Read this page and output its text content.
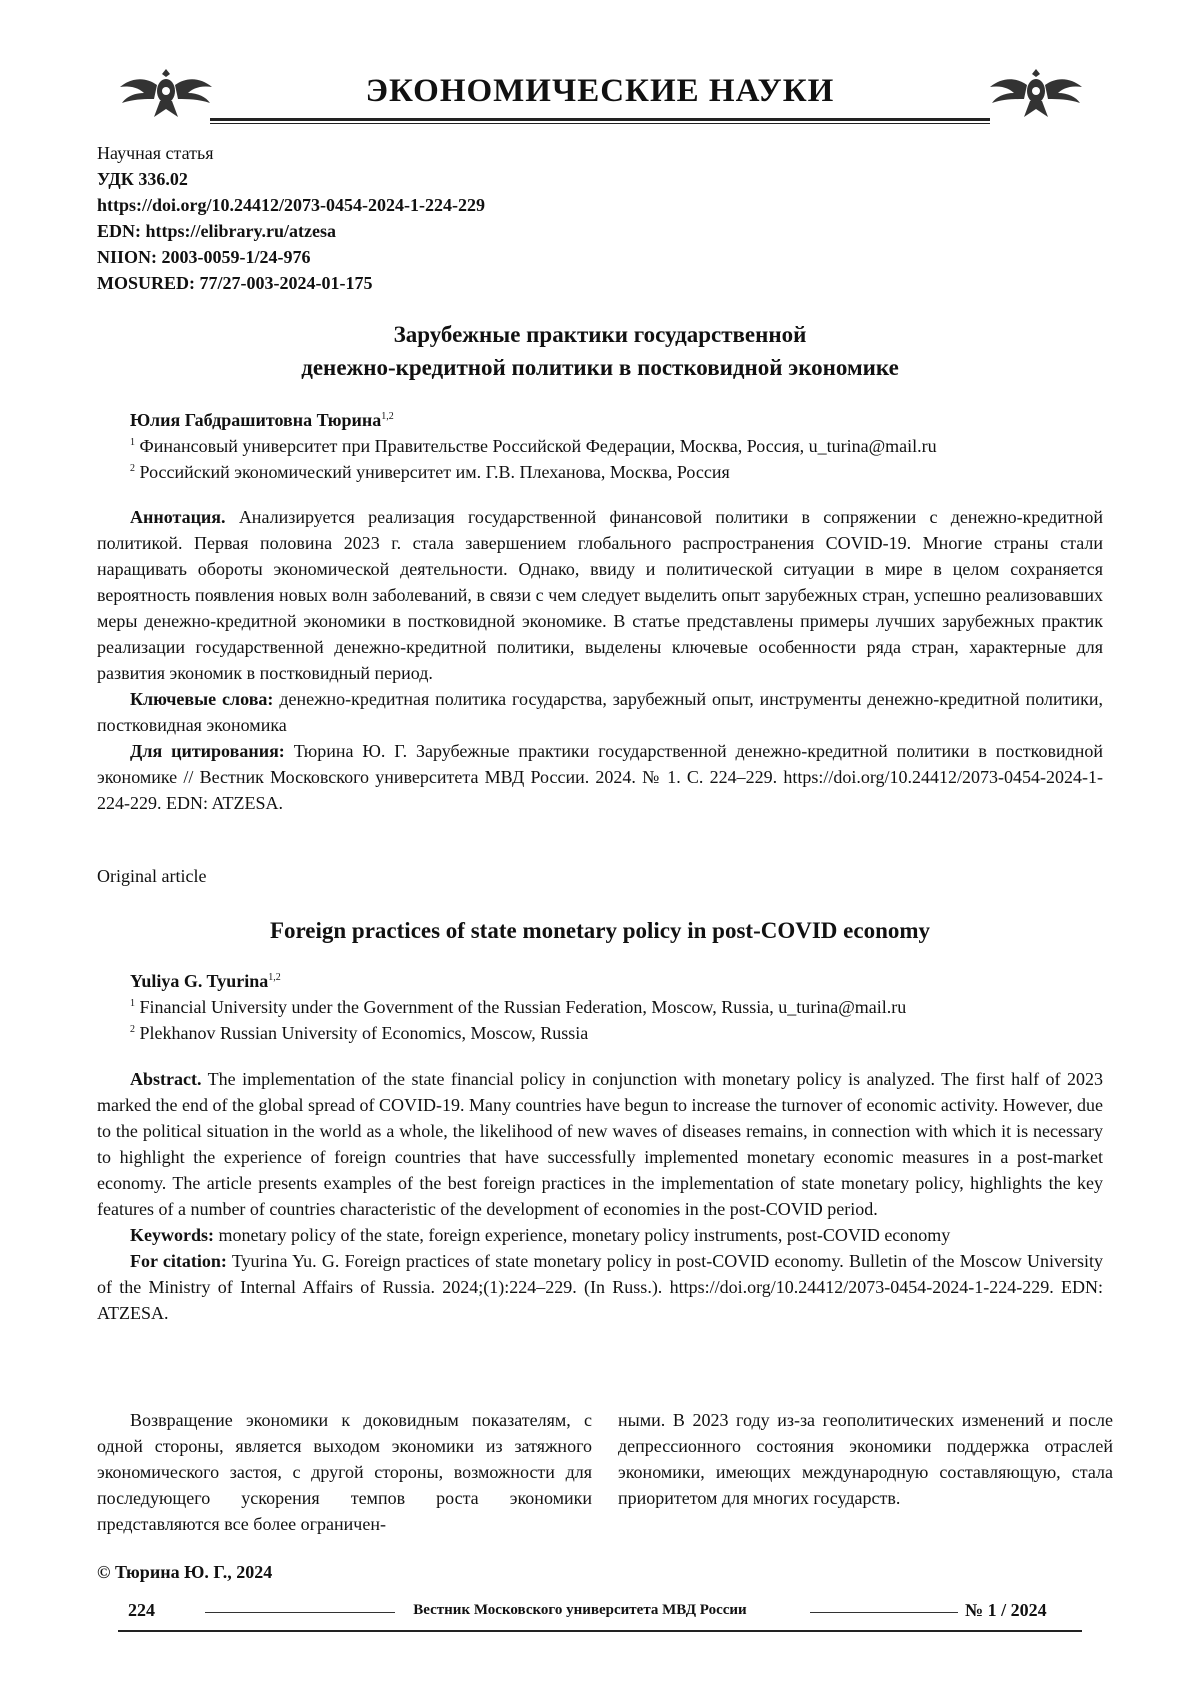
ЭКОНОМИЧЕСКИЕ НАУКИ
Научная статья
УДК 336.02
https://doi.org/10.24412/2073-0454-2024-1-224-229
EDN: https://elibrary.ru/atzesa
NIION: 2003-0059-1/24-976
MOSURED: 77/27-003-2024-01-175
Зарубежные практики государственной
денежно-кредитной политики в постковидной экономике
Юлия Габдрашитовна Тюрина$^{1,2}$
$^1$ Финансовый университет при Правительстве Российской Федерации, Москва, Россия, u_turina@mail.ru
$^2$ Российский экономический университет им. Г.В. Плеханова, Москва, Россия

Аннотация. Анализируется реализация государственной финансовой политики в сопряжении с денежно-кредитной политикой. Первая половина 2023 г. стала завершением глобального распространения COVID-19. Многие страны стали наращивать обороты экономической деятельности. Однако, ввиду и политической ситуации в мире в целом сохраняется вероятность появления новых волн заболеваний, в связи с чем следует выделить опыт зарубежных стран, успешно реализовавших меры денежно-кредитной экономики в постковидной экономике. В статье представлены примеры лучших зарубежных практик реализации государственной денежно-кредитной политики, выделены ключевые особенности ряда стран, характерные для развития экономик в постковидный период.

Ключевые слова: денежно-кредитная политика государства, зарубежный опыт, инструменты денежно-кредитной политики, постковидная экономика

Для цитирования: Тюрина Ю. Г. Зарубежные практики государственной денежно-кредитной политики в постковидной экономике // Вестник Московского университета МВД России. 2024. № 1. С. 224–229. https://doi.org/10.24412/2073-0454-2024-1-224-229. EDN: ATZESA.

Original article
Foreign practices of state monetary policy in post-COVID economy
Yuliya G. Tyurina$^{1,2}$
$^1$ Financial University under the Government of the Russian Federation, Moscow, Russia, u_turina@mail.ru
$^2$ Plekhanov Russian University of Economics, Moscow, Russia

Abstract. The implementation of the state financial policy in conjunction with monetary policy is analyzed. The first half of 2023 marked the end of the global spread of COVID-19. Many countries have begun to increase the turnover of economic activity. However, due to the political situation in the world as a whole, the likelihood of new waves of diseases remains, in connection with which it is necessary to highlight the experience of foreign countries that have successfully implemented monetary economic measures in a post-market economy. The article presents examples of the best foreign practices in the implementation of state monetary policy, highlights the key features of a number of countries characteristic of the development of economies in the post-COVID period.

Keywords: monetary policy of the state, foreign experience, monetary policy instruments, post-COVID economy

For citation: Tyurina Yu. G. Foreign practices of state monetary policy in post-COVID economy. Bulletin of the Moscow University of the Ministry of Internal Affairs of Russia. 2024;(1):224–229. (In Russ.). https://doi.org/10.24412/2073-0454-2024-1-224-229. EDN: ATZESA.

Возвращение экономики к доковидным показателям, с одной стороны, является выходом экономики из затяжного экономического застоя, с другой стороны, возможности для последующего ускорения темпов роста экономики представляются все более ограничен-

ными. В 2023 году из-за геополитических изменений и после депрессионного состояния экономики поддержка отраслей экономики, имеющих международную составляющую, стала приоритетом для многих государств.

© Тюрина Ю. Г., 2024
224	Вестник Московского университета МВД России	№ 1 / 2024
